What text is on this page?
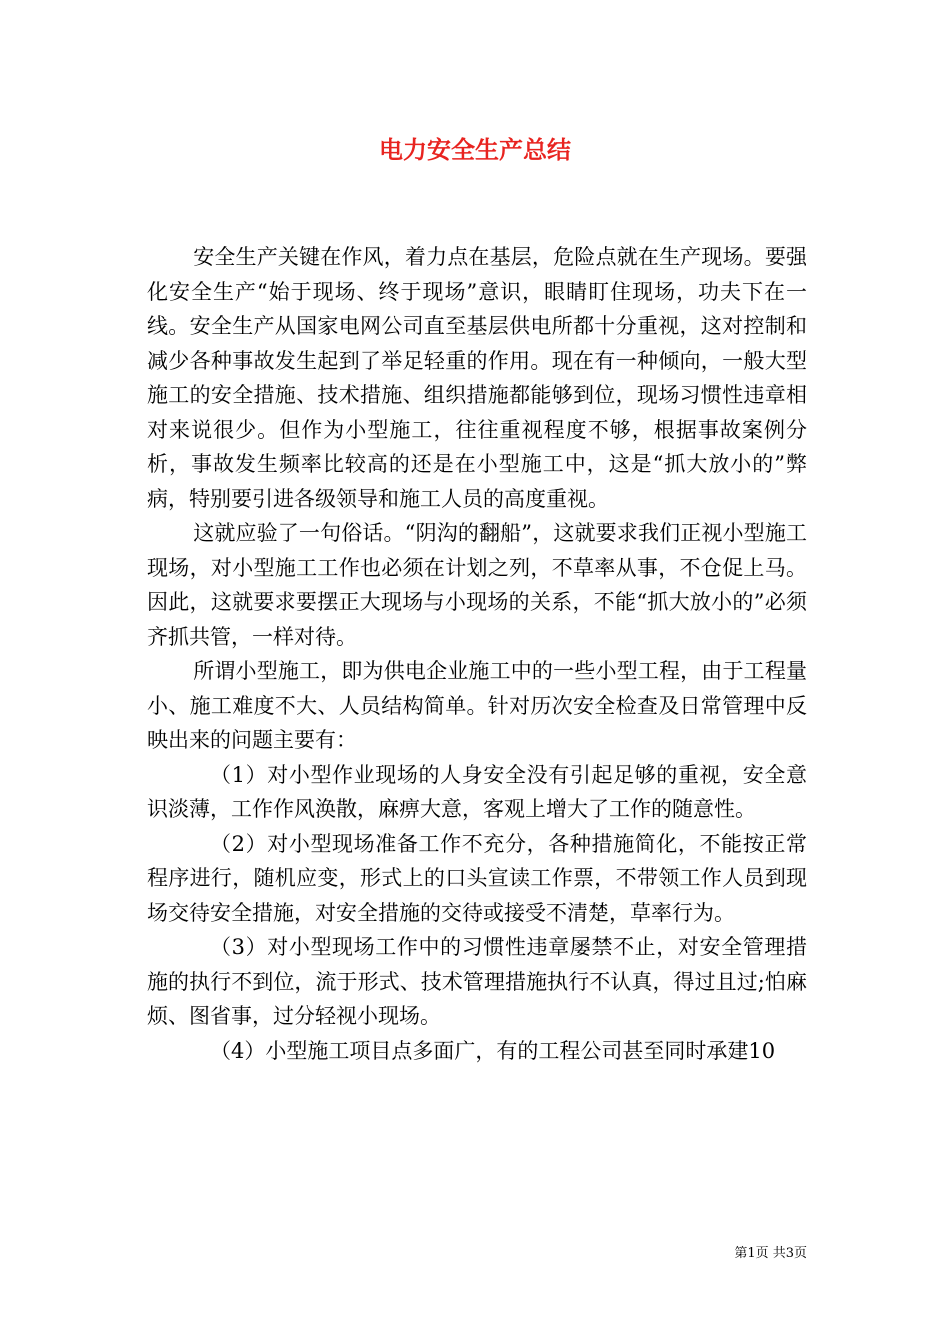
电力安全生产总结

安全生产关键在作风，着力点在基层，危险点就在生产现场。要强化安全生产“始于现场、终于现场”意识，眼睛盯住现场，功夫下在一线。安全生产从国家电网公司直至基层供电所都十分重视，这对控制和减少各种事故发生起到了举足轻重的作用。现在有一种倾向，一般大型施工的安全措施、技术措施、组织措施都能够到位，现场习惯性违章相对来说很少。但作为小型施工，往往重视程度不够，根据事故案例分析，事故发生频率比较高的还是在小型施工中，这是“抓大放小的”弊病，特别要引进各级领导和施工人员的高度重视。

这就应验了一句俗话。“阴沟的翻船”，这就要求我们正视小型施工现场，对小型施工工作也必须在计划之列，不草率从事，不仓促上马。因此，这就要求要摆正大现场与小现场的关系，不能“抓大放小的”必须齐抓共管，一样对待。

所谓小型施工，即为供电企业施工中的一些小型工程，由于工程量小、施工难度不大、人员结构简单。针对历次安全检查及日常管理中反映出来的问题主要有：

（1）对小型作业现场的人身安全没有引起足够的重视，安全意识淡薄，工作作风涣散，麻痹大意，客观上增大了工作的随意性。

（2）对小型现场准备工作不充分，各种措施简化，不能按正常程序进行，随机应变，形式上的口头宣读工作票，不带领工作人员到现场交待安全措施，对安全措施的交待或接受不清楚，草率行为。

（3）对小型现场工作中的习惯性违章屡禁不止，对安全管理措施的执行不到位，流于形式、技术管理措施执行不认真，得过且过;怕麻烦、图省事，过分轻视小现场。

（4）小型施工项目点多面广，有的工程公司甚至同时承建10

第1页 共3页
